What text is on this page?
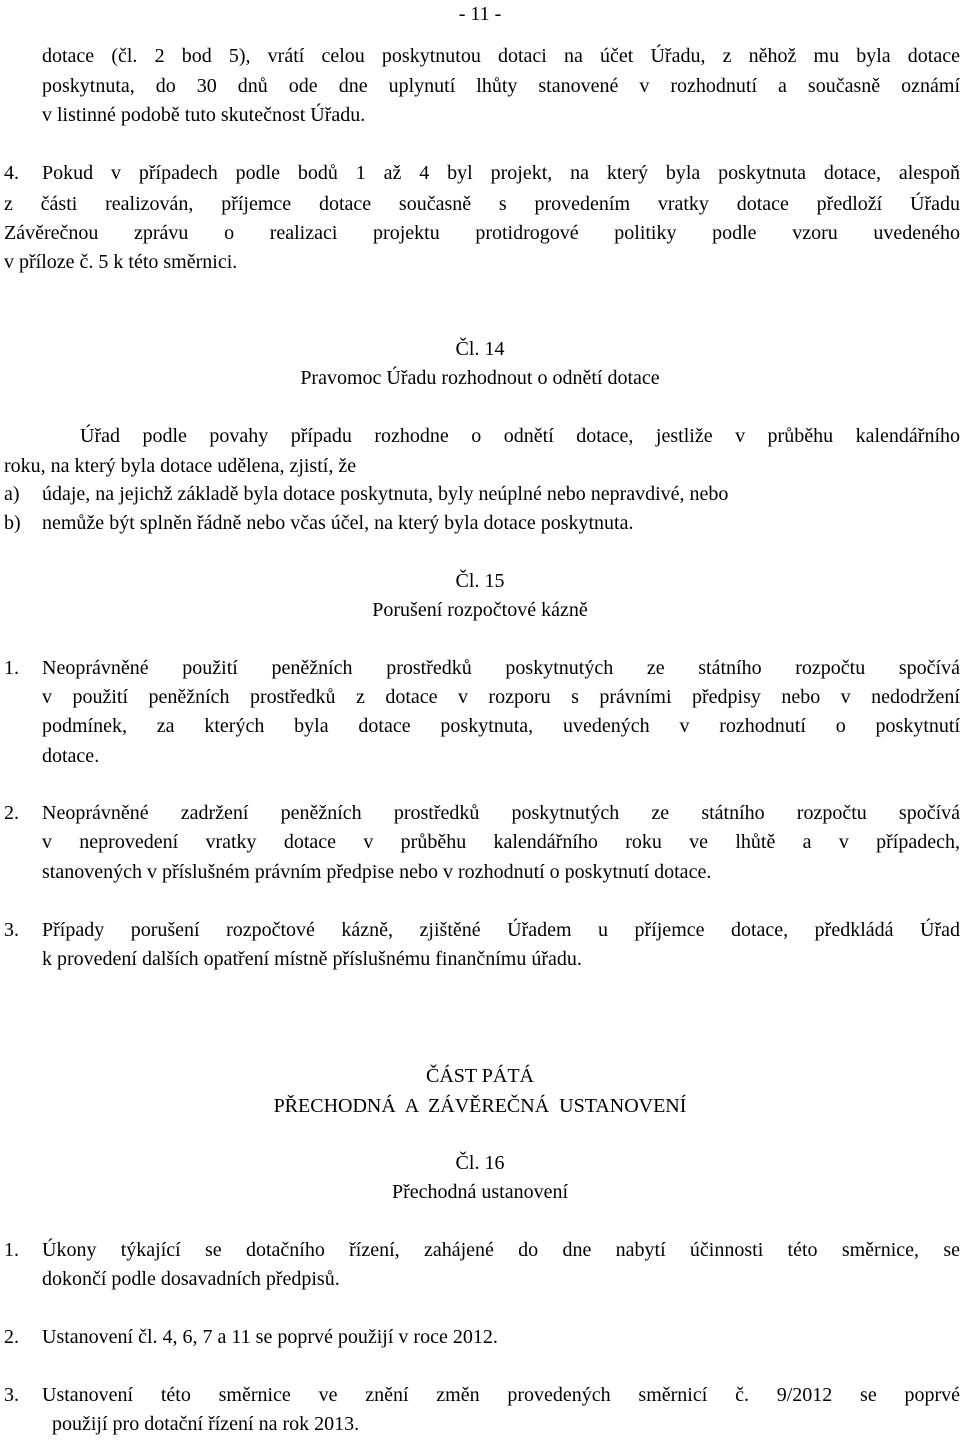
- 11 -
dotace (čl. 2 bod 5), vrátí celou poskytnutou dotaci na účet Úřadu, z něhož mu byla dotace
poskytnuta, do 30 dnů ode dne uplynutí lhůty stanovené v rozhodnutí a současně oznámí
v listinné podobě tuto skutečnost Úřadu.
4. Pokud v případech podle bodů 1 až 4 byl projekt, na který byla poskytnuta dotace, alespoň
z části realizován, příjemce dotace současně s provedením vratky dotace předloží Úřadu
Závěrečnou zprávu o realizaci projektu protidrogové politiky podle vzoru uvedeného
v příloze č. 5 k této směrnici.
Čl. 14
Pravomoc Úřadu rozhodnout o odnětí dotace
Úřad podle povahy případu rozhodne o odnětí dotace, jestliže v průběhu kalendářního
roku, na který byla dotace udělena, zjistí, že
a) údaje, na jejichž základě byla dotace poskytnuta, byly neúplné nebo nepravdivé, nebo
b) nemůže být splněn řádně nebo včas účel, na který byla dotace poskytnuta.
Čl. 15
Porušení rozpočtové kázně
1. Neoprávněné použití peněžních prostředků poskytnutých ze státního rozpočtu spočívá
v použití peněžních prostředků z dotace v rozporu s právními předpisy nebo v nedodržení
podmínek, za kterých byla dotace poskytnuta, uvedených v rozhodnutí o poskytnutí
dotace.
2. Neoprávněné zadržení peněžních prostředků poskytnutých ze státního rozpočtu spočívá
v neprovedení vratky dotace v průběhu kalendářního roku ve lhůtě a v případech,
stanovených v příslušném právním předpise nebo v rozhodnutí o poskytnutí dotace.
3. Případy porušení rozpočtové kázně, zjištěné Úřadem u příjemce dotace, předkládá Úřad
k provedení dalších opatření místně příslušnému finančnímu úřadu.
ČÁST PÁTÁ
PŘECHODNÁ  A  ZÁVĚREČNÁ  USTANOVENÍ
Čl. 16
Přechodná ustanovení
1. Úkony týkající se dotačního řízení, zahájené do dne nabytí účinnosti této směrnice, se
dokončí podle dosavadních předpisů.
2. Ustanovení čl. 4, 6, 7 a 11 se poprvé použijí v roce 2012.
3. Ustanovení této směrnice ve znění změn provedených směrnicí č. 9/2012 se poprvé
použijí pro dotační řízení na rok 2013.
